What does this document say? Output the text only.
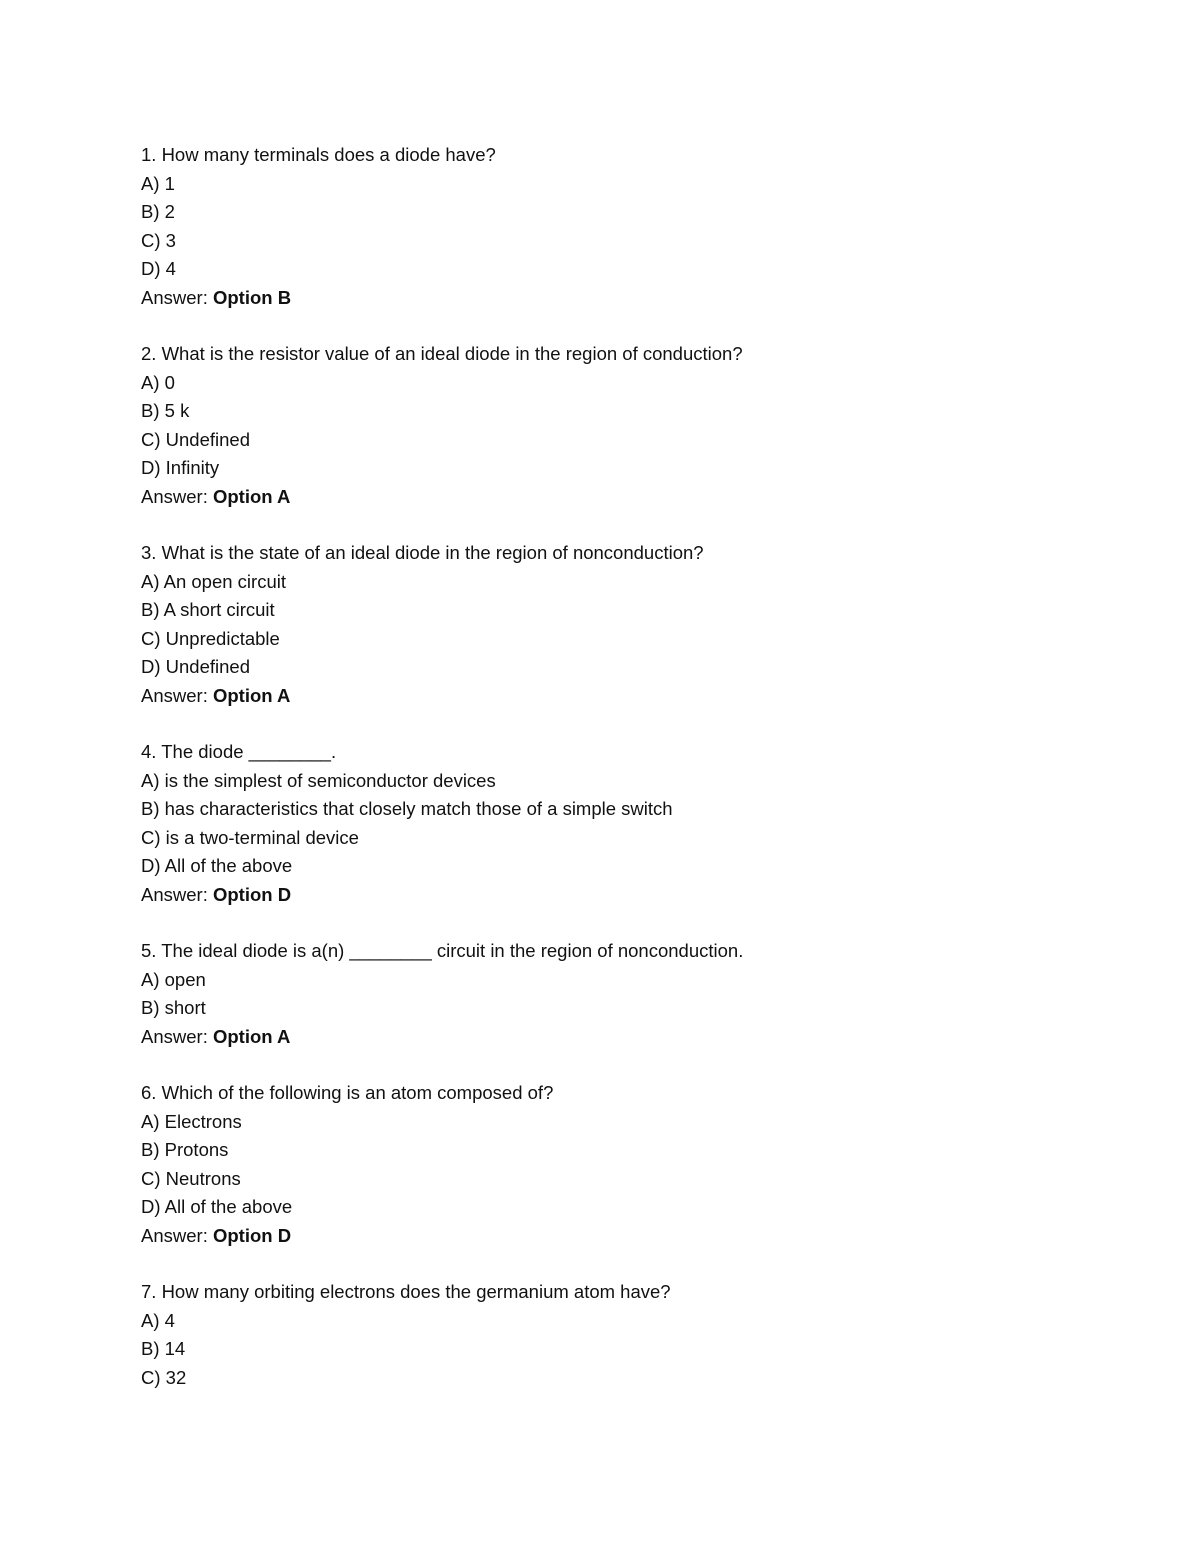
1. How many terminals does a diode have?
A) 1
B) 2
C) 3
D) 4
Answer: Option B
2. What is the resistor value of an ideal diode in the region of conduction?
A) 0
B) 5 k
C) Undefined
D) Infinity
Answer: Option A
3. What is the state of an ideal diode in the region of nonconduction?
A) An open circuit
B) A short circuit
C) Unpredictable
D) Undefined
Answer: Option A
4. The diode ________.
A) is the simplest of semiconductor devices
B) has characteristics that closely match those of a simple switch
C) is a two-terminal device
D) All of the above
Answer: Option D
5. The ideal diode is a(n) ________ circuit in the region of nonconduction.
A) open
B) short
Answer: Option A
6. Which of the following is an atom composed of?
A) Electrons
B) Protons
C) Neutrons
D) All of the above
Answer: Option D
7. How many orbiting electrons does the germanium atom have?
A) 4
B) 14
C) 32
